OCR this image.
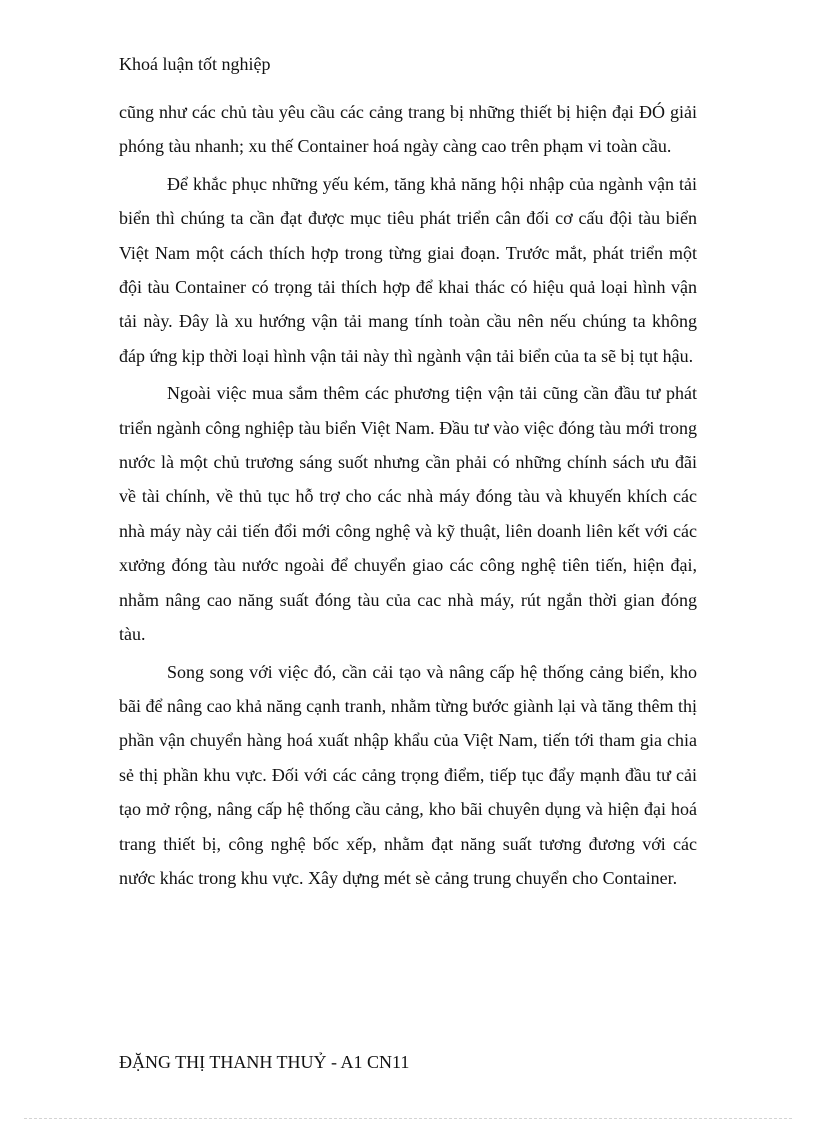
Khoá luận tốt nghiệp

cũng như các chủ tàu yêu cầu các cảng trang bị những thiết bị hiện đại ĐÓ giải phóng tàu nhanh; xu thế Container hoá ngày càng cao trên phạm vi toàn cầu.

Để khắc phục những yếu kém, tăng khả năng hội nhập của ngành vận tải biển thì chúng ta cần đạt được mục tiêu phát triển cân đối cơ cấu đội tàu biển Việt Nam một cách thích hợp trong từng giai đoạn. Trước mắt, phát triển một đội tàu Container có trọng tải thích hợp để khai thác có hiệu quả loại hình vận tải này. Đây là xu hướng vận tải mang tính toàn cầu nên nếu chúng ta không đáp ứng kịp thời loại hình vận tải này thì ngành vận tải biển của ta sẽ bị tụt hậu.

Ngoài việc mua sắm thêm các phương tiện vận tải cũng cần đầu tư phát triển ngành công nghiệp tàu biển Việt Nam. Đầu tư vào việc đóng tàu mới trong nước là một chủ trương sáng suốt nhưng cần phải có những chính sách ưu đãi về tài chính, về thủ tục hỗ trợ cho các nhà máy đóng tàu và khuyến khích các nhà máy này cải tiến đổi mới công nghệ và kỹ thuật, liên doanh liên kết với các xưởng đóng tàu nước ngoài để chuyển giao các công nghệ tiên tiến, hiện đại, nhằm nâng cao năng suất đóng tàu của cac nhà máy, rút ngắn thời gian đóng tàu.

Song song với việc đó, cần cải tạo và nâng cấp hệ thống cảng biển, kho bãi để nâng cao khả năng cạnh tranh, nhằm từng bước giành lại và tăng thêm thị phần vận chuyển hàng hoá xuất nhập khẩu của Việt Nam, tiến tới tham gia chia sẻ thị phần khu vực. Đối với các cảng trọng điểm, tiếp tục đẩy mạnh đầu tư cải tạo mở rộng, nâng cấp hệ thống cầu cảng, kho bãi chuyên dụng và hiện đại hoá trang thiết bị, công nghệ bốc xếp, nhằm đạt năng suất tương đương với các nước khác trong khu vực. Xây dựng mét sè cảng trung chuyển cho Container.

ĐẶNG THỊ THANH THUỶ - A1 CN11
